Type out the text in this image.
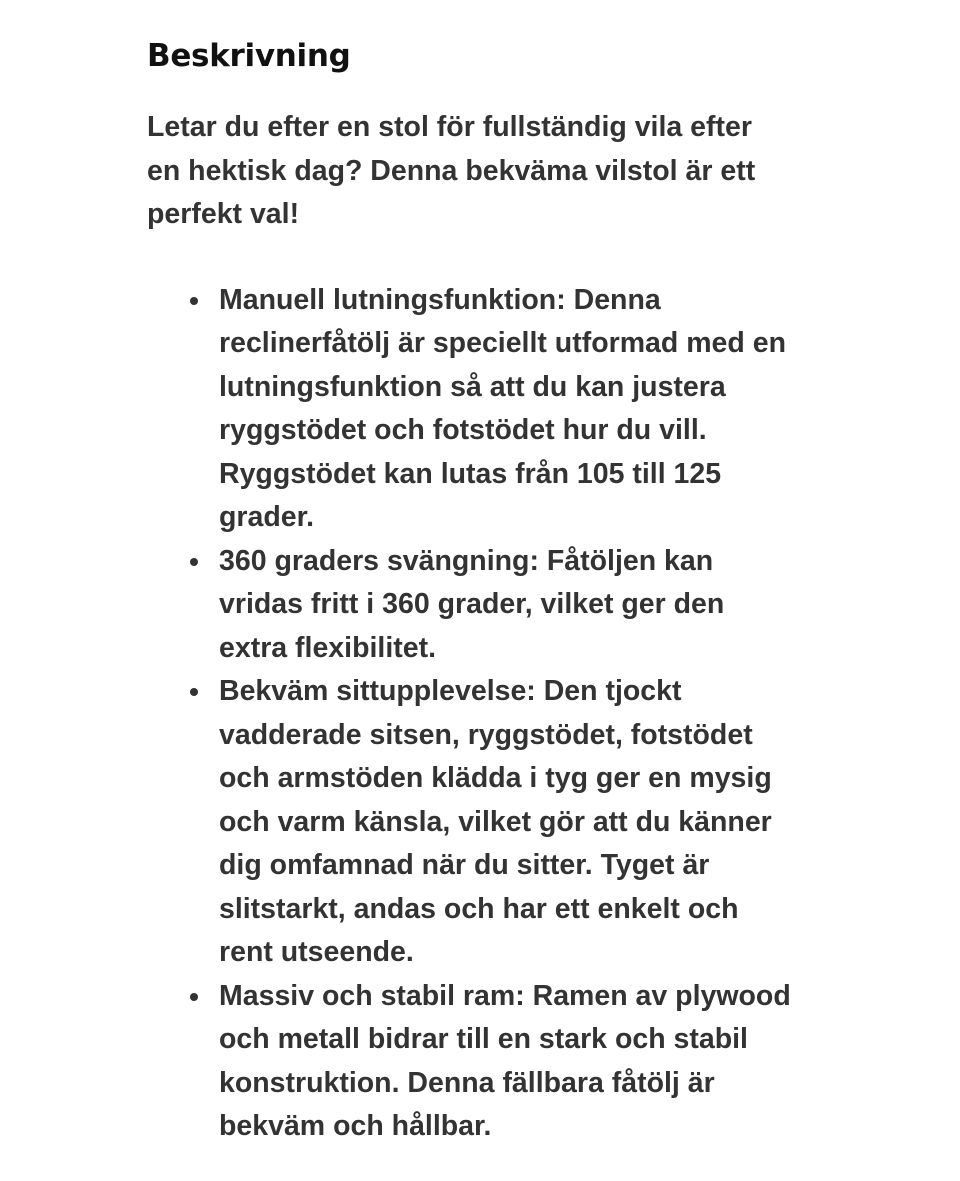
Beskrivning

Letar du efter en stol för fullständig vila efter en hektisk dag? Denna bekväma vilstol är ett perfekt val!

Manuell lutningsfunktion: Denna reclinerfåtölj är speciellt utformad med en lutningsfunktion så att du kan justera ryggstödet och fotstödet hur du vill. Ryggstödet kan lutas från 105 till 125 grader.
360 graders svängning: Fåtöljen kan vridas fritt i 360 grader, vilket ger den extra flexibilitet.
Bekväm sittupplevelse: Den tjockt vadderade sitsen, ryggstödet, fotstödet och armstöden klädda i tyg ger en mysig och varm känsla, vilket gör att du känner dig omfamnad när du sitter. Tyget är slitstarkt, andas och har ett enkelt och rent utseende.
Massiv och stabil ram: Ramen av plywood och metall bidrar till en stark och stabil konstruktion. Denna fällbara fåtölj är bekväm och hållbar.
